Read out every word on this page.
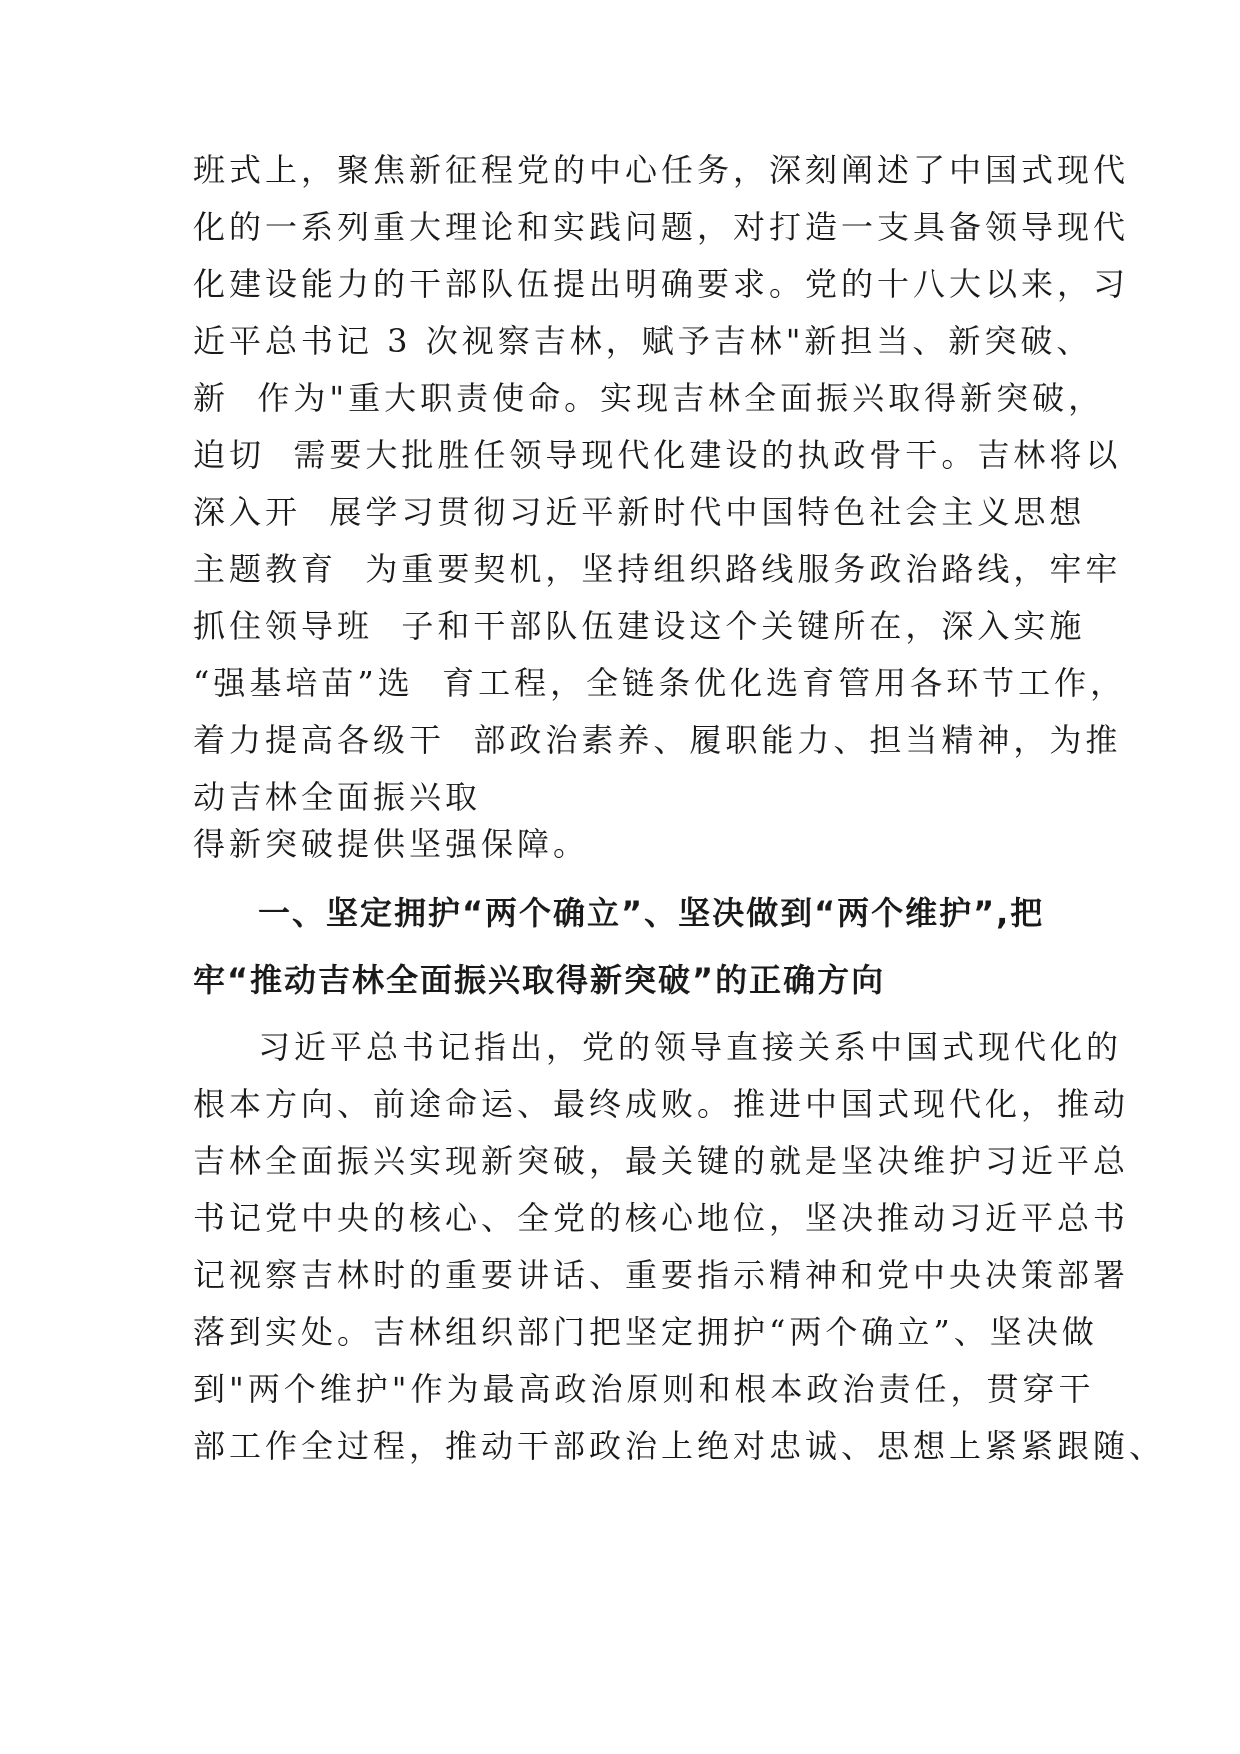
班式上，聚焦新征程党的中心任务，深刻阐述了中国式现代
化的一系列重大理论和实践问题，对打造一支具备领导现代
化建设能力的干部队伍提出明确要求。党的十八大以来，习
近平总书记 3 次视察吉林，赋予吉林"新担当、新突破、
新  作为"重大职责使命。实现吉林全面振兴取得新突破，
迫切  需要大批胜任领导现代化建设的执政骨干。吉林将以
深入开  展学习贯彻习近平新时代中国特色社会主义思想
主题教育  为重要契机，坚持组织路线服务政治路线，牢牢
抓住领导班  子和干部队伍建设这个关键所在，深入实施
“强基培苗”选  育工程，全链条优化选育管用各环节工作，
着力提高各级干  部政治素养、履职能力、担当精神，为推
动吉林全面振兴取
得新突破提供坚强保障。
一、坚定拥护“两个确立”、坚决做到“两个维护”,把
牢“推动吉林全面振兴取得新突破”的正确方向
习近平总书记指出，党的领导直接关系中国式现代化的
根本方向、前途命运、最终成败。推进中国式现代化，推动
吉林全面振兴实现新突破，最关键的就是坚决维护习近平总
书记党中央的核心、全党的核心地位，坚决推动习近平总书
记视察吉林时的重要讲话、重要指示精神和党中央决策部署
落到实处。吉林组织部门把坚定拥护“两个确立”、坚决做
到"两个维护"作为最高政治原则和根本政治责任，贯穿干
部工作全过程，推动干部政治上绝对忠诚、思想上紧紧跟随、
